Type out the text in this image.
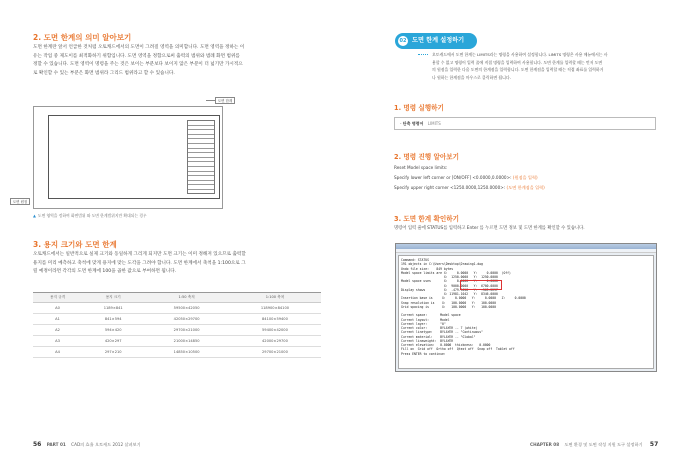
2. 도면 한계의 의미 알아보기
도면 한계란 앞서 언급한 것처럼 오토캐드에서의 도면이 그려질 영역을 의미합니다. 도면 영역을 정하는 이
유는 작업 중 제도이를 최적화하기 위함입니다. 도면 영역을 정함으로써 출력의 범위와 범례 화면 범위를
정할 수 있습니다. 도면 영역이 명령을 주는 것은 보이는 부분보다 보이지 않은 부분이 더 넓기만 가시적으
로 확인할 수 있는 부분은 화면 범위라 그리드 범위라고 할 수 있습니다.
도면 한계
도면 원점
▲ 도면 영역을 정하여 화면범위 와 도면 한계범위지만 확대되는 경우
3. 용지 크기와 도면 한계
오토캐드에서는 일반적으로 실제 크기와 동일하게 그리게 되지만 도면 크기는 이미 정해져 있으므로 출력할
용지를 미리 예측하고 축척에 맞게 용지에 맞는 도각을 그려야 합니다. 도면 한계에서 축척을 1:100으로 그
릴 예정이라면 각각의 도면 한계에 100을 곱한 값으로 부여하면 됩니다.
용지 규격	용지 크기	1:50 축척	1:100 축척
A0	1189×841	59500×42050	118900×84100
A1	841×594	42050×29700	84100×59400
A2	594×420	29700×21000	59400×42000
A3	420×297	21000×14850	42000×29700
A4	297×210	14850×10500	29700×21000
56 PART 01 CAD의 효율 오토캐드 2012 살펴보기
02 도면 한계 설정하기
오토캐드에서 도면 한계는 LIMITS라는 명령을 사용하여 설정합니다. LIMITS 명령은 사용 메뉴에서는 사
용할 수 없고 명령어 입력 줄에 직접 명령을 입력하여 사용합니다. 도면 한계를 입력할 때는 먼저 도면
의 원점을 입력한 다음 도면의 한계점을 입력합니다. 도면 한계점을 입력할 때는 직접 좌표를 입력하거
나 원하는 한계점을 마우스로 클릭하면 됩니다.
1. 명령 실행하기
- 단축 명령어 LIMITS
2. 명령 진행 알아보기
Reset Model space limits:
Specify lower left corner or [ON/OFF] <0.0000,0.0000>: (원점을 입력)
Specify upper right corner <1250.0000,1250.0000>: (도면 한계점을 입력)
3. 도면 한계 확인하기
명령어 입력 줄에 STATUS를 입력하고 Enter 를 누르면 도면 정보 및 도면 한계를 확인할 수 있습니다.
Command: STATUS
191 objects in C:\Users\Desktop\Drawing1.dwg
Undo file size:    849 bytes
Model space limits are X:     0.0000   Y:     0.0000  (Off)
X:  1250.0000   Y:  1250.0000
Model space uses       X:     0.0000   Y:     0.0000
X:  9000.0000   Y:  6700.0000
Display shows          X:  -479.9658   Y:  -509.2297
X: 11981.1042   Y:  8346.0000
Insertion base is     X:     0.0000   Y:     0.0000   Z:     0.0000
Snap resolution is    X:   100.0000   Y:   100.0000
Grid spacing is       X:   100.0000   Y:   100.0000

Current space:       Model space
Current layout:      Model
Current layer:       "0"
Current color:       BYLAYER -- 7 (white)
Current linetype:    BYLAYER -- "Continuous"
Current material:    BYLAYER -- "Global"
Current lineweight:  BYLAYER
Current elevation:   0.0000  thickness:   0.0000
Fill on  Grid off  Ortho off  Qtext off  Snap off  Tablet off
Press ENTER to continue:
CHAPTER 08 도면 환경 및 도면 작성 지원 도구 설정하기 57
